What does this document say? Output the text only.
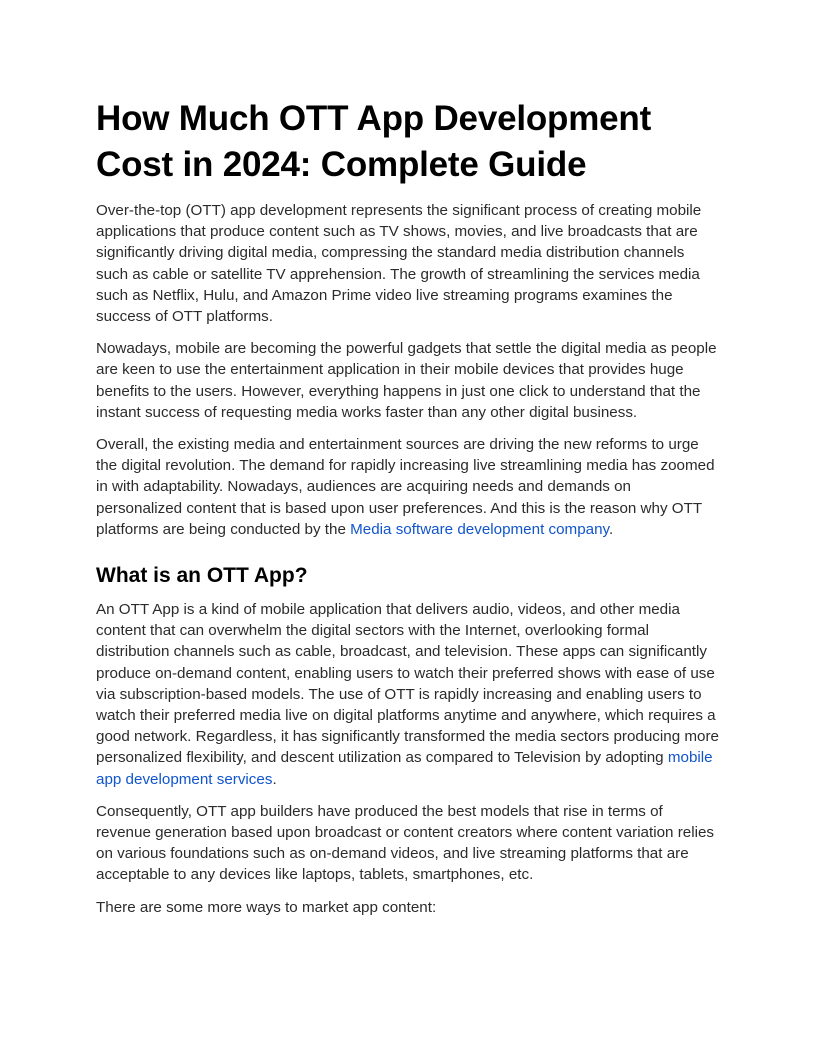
How Much OTT App Development Cost in 2024: Complete Guide

Over-the-top (OTT) app development represents the significant process of creating mobile applications that produce content such as TV shows, movies, and live broadcasts that are significantly driving digital media, compressing the standard media distribution channels such as cable or satellite TV apprehension. The growth of streamlining the services media such as Netflix, Hulu, and Amazon Prime video live streaming programs examines the success of OTT platforms.

Nowadays, mobile are becoming the powerful gadgets that settle the digital media as people are keen to use the entertainment application in their mobile devices that provides huge benefits to the users. However, everything happens in just one click to understand that the instant success of requesting media works faster than any other digital business.

Overall, the existing media and entertainment sources are driving the new reforms to urge the digital revolution. The demand for rapidly increasing live streamlining media has zoomed in with adaptability. Nowadays, audiences are acquiring needs and demands on personalized content that is based upon user preferences. And this is the reason why OTT platforms are being conducted by the Media software development company.

What is an OTT App?

An OTT App is a kind of mobile application that delivers audio, videos, and other media content that can overwhelm the digital sectors with the Internet, overlooking formal distribution channels such as cable, broadcast, and television. These apps can significantly produce on-demand content, enabling users to watch their preferred shows with ease of use via subscription-based models. The use of OTT is rapidly increasing and enabling users to watch their preferred media live on digital platforms anytime and anywhere, which requires a good network. Regardless, it has significantly transformed the media sectors producing more personalized flexibility, and descent utilization as compared to Television by adopting mobile app development services.

Consequently, OTT app builders have produced the best models that rise in terms of revenue generation based upon broadcast or content creators where content variation relies on various foundations such as on-demand videos, and live streaming platforms that are acceptable to any devices like laptops, tablets, smartphones, etc.

There are some more ways to market app content:
